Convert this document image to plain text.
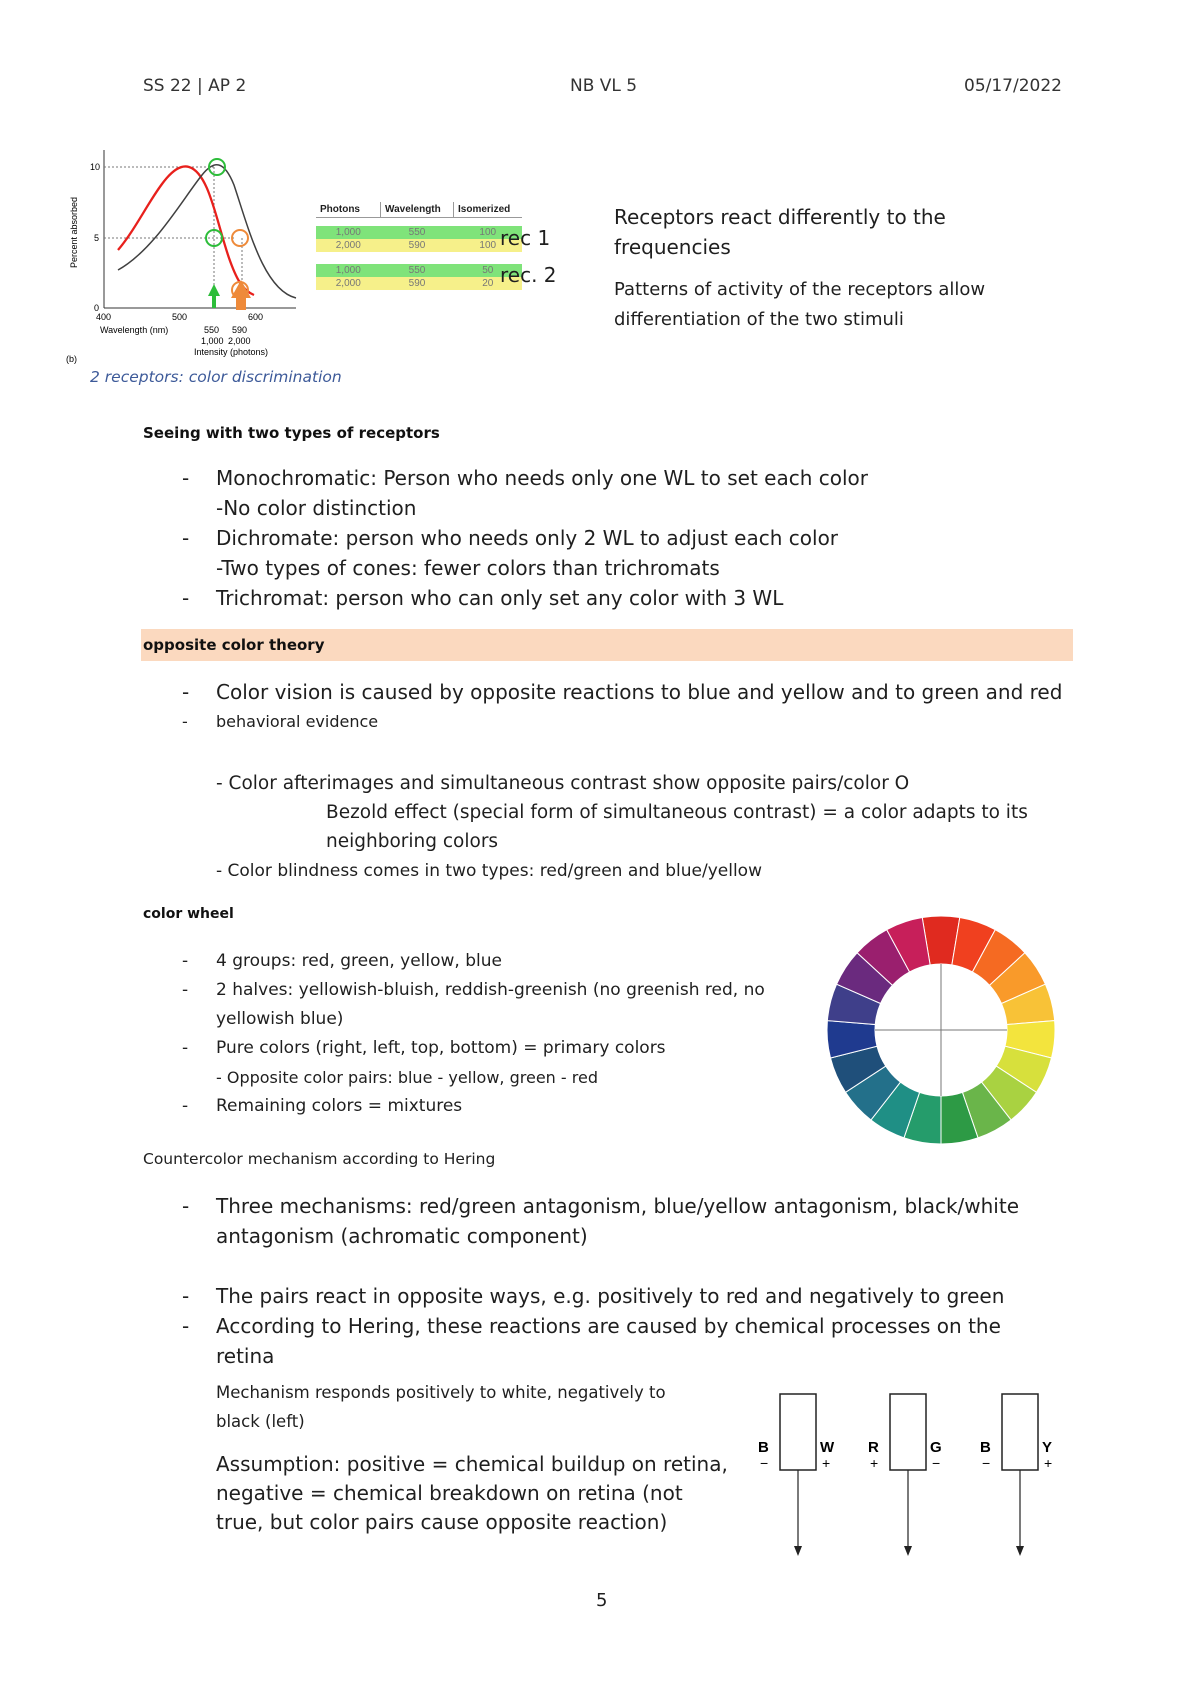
SS 22 | AP 2	NB VL 5	05/17/2022
10
5
0
400	500	600
Wavelength (nm)	550 590
1,000 2,000
Intensity (photons)
(b)
Percent absorbed
2 receptors: color discrimination
Photons	Wavelength	Isomerized

1,000	550	100
2,000	590	100

1,000	550	50
2,000	590	20
rec 1
rec. 2
Receptors react differently to the frequencies
Patterns of activity of the receptors allow differentiation of the two stimuli
Seeing with two types of receptors
- Monochromatic: Person who needs only one WL to set each color
-No color distinction
- Dichromate: person who needs only 2 WL to adjust each color
-Two types of cones: fewer colors than trichromats
- Trichromat: person who can only set any color with 3 WL
opposite color theory
- Color vision is caused by opposite reactions to blue and yellow and to green and red
- behavioral evidence
- Color afterimages and simultaneous contrast show opposite pairs/color O
Bezold effect (special form of simultaneous contrast) = a color adapts to its neighboring colors
- Color blindness comes in two types: red/green and blue/yellow
color wheel
- 4 groups: red, green, yellow, blue
- 2 halves: yellowish-bluish, reddish-greenish (no greenish red, no yellowish blue)
- Pure colors (right, left, top, bottom) = primary colors
- Opposite color pairs: blue - yellow, green - red
- Remaining colors = mixtures
Countercolor mechanism according to Hering
- Three mechanisms: red/green antagonism, blue/yellow antagonism, black/white antagonism (achromatic component)
- The pairs react in opposite ways, e.g. positively to red and negatively to green
- According to Hering, these reactions are caused by chemical processes on the retina
Mechanism responds positively to white, negatively to black (left)
Assumption: positive = chemical buildup on retina, negative = chemical breakdown on retina (not true, but color pairs cause opposite reaction)
B
−
W
+
R
+
G
−
B
−
Y
+
5
